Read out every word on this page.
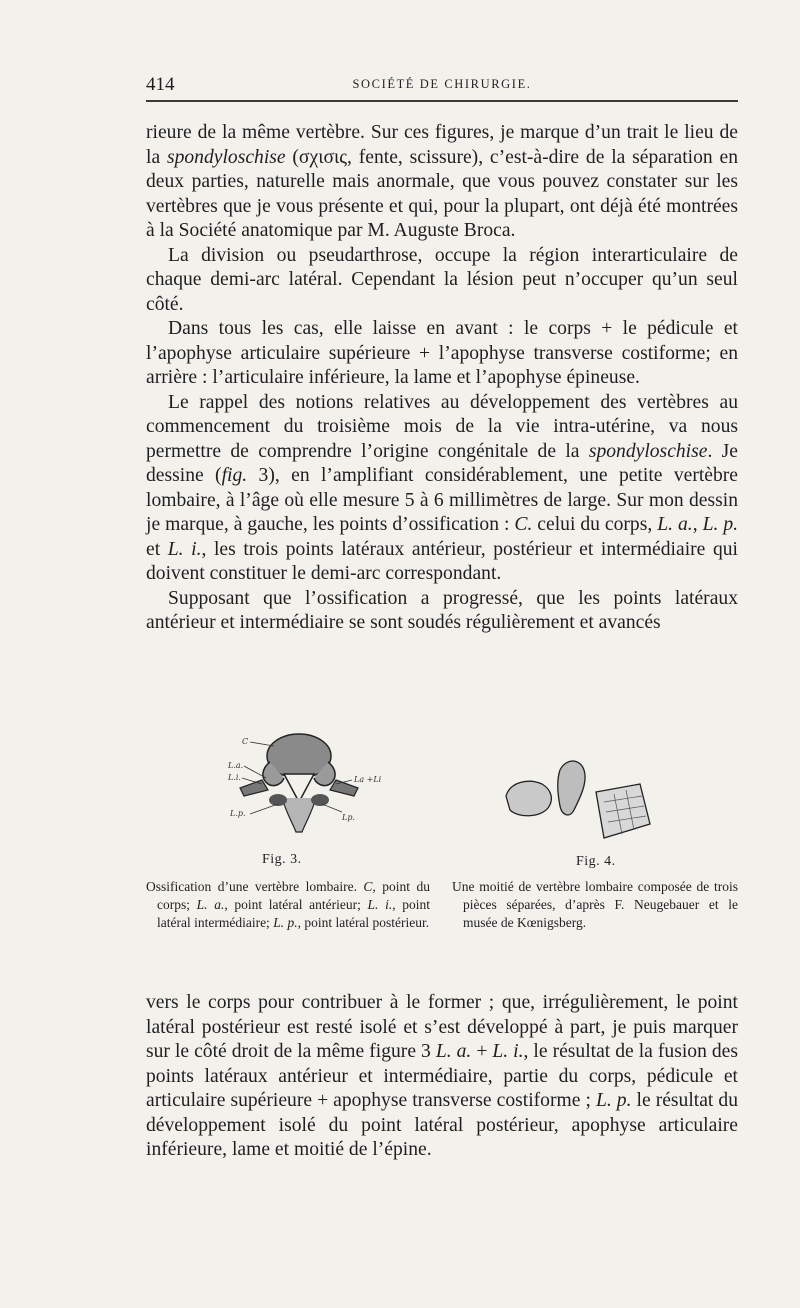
414	SOCIÉTÉ DE CHIRURGIE.

rieure de la même vertèbre. Sur ces figures, je marque d’un trait le lieu de la spondyloschise (σχισις, fente, scissure), c’est-à-dire de la séparation en deux parties, naturelle mais anormale, que vous pouvez constater sur les vertèbres que je vous présente et qui, pour la plupart, ont déjà été montrées à la Société anatomique par M. Auguste Broca.

La division ou pseudarthrose, occupe la région interarticulaire de chaque demi-arc latéral. Cependant la lésion peut n’occuper qu’un seul côté.

Dans tous les cas, elle laisse en avant : le corps + le pédicule et l’apophyse articulaire supérieure + l’apophyse transverse costiforme; en arrière : l’articulaire inférieure, la lame et l’apophyse épineuse.

Le rappel des notions relatives au développement des vertèbres au commencement du troisième mois de la vie intra-utérine, va nous permettre de comprendre l’origine congénitale de la spondyloschise. Je dessine (fig. 3), en l’amplifiant considérablement, une petite vertèbre lombaire, à l’âge où elle mesure 5 à 6 millimètres de large. Sur mon dessin je marque, à gauche, les points d’ossification : C. celui du corps, L. a., L. p. et L. i., les trois points latéraux antérieur, postérieur et intermédiaire qui doivent constituer le demi-arc correspondant.

Supposant que l’ossification a progressé, que les points latéraux antérieur et intermédiaire se sont soudés régulièrement et avancés

C
L.a.
L.i.
L.p.
La +Li
Lp.
Fig. 3.
Ossification d’une vertèbre lombaire. C, point du corps; L. a., point latéral antérieur; L. i., point latéral intermédiaire; L. p., point latéral postérieur.
Fig. 4.
Une moitié de vertèbre lombaire composée de trois pièces séparées, d’après F. Neugebauer et le musée de Kœnigsberg.

vers le corps pour contribuer à le former ; que, irrégulièrement, le point latéral postérieur est resté isolé et s’est développé à part, je puis marquer sur le côté droit de la même figure 3 L. a. + L. i., le résultat de la fusion des points latéraux antérieur et intermédiaire, partie du corps, pédicule et articulaire supérieure + apophyse transverse costiforme ; L. p. le résultat du développement isolé du point latéral postérieur, apophyse articulaire inférieure, lame et moitié de l’épine.
